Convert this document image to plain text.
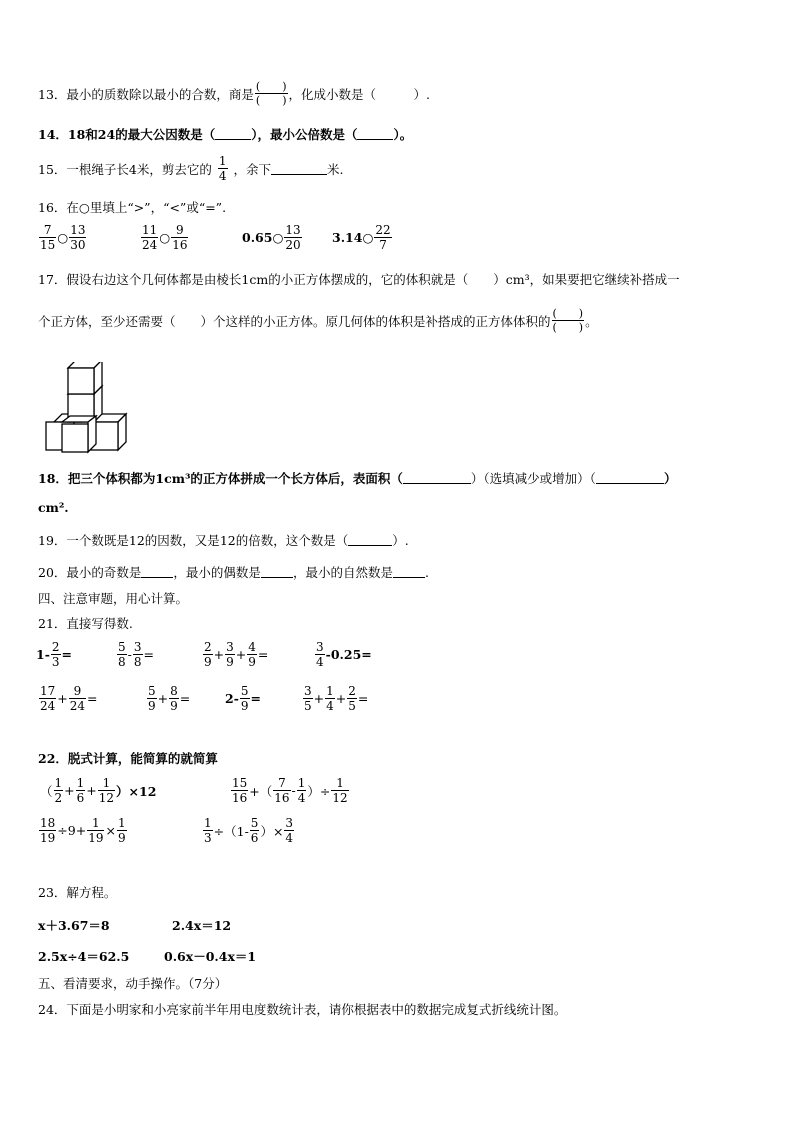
13． 最小的质数除以最小的合数，商是 (　　)
(　　) ，化成小数是（　　　）.
14． 18和24的最大公因数是（	），最小公倍数是（	）。
15． 一根绳子长4米，剪去它的
1
4 ，余下	米.
16．在○里填上“>”，“<”或“=”.
7
15 ○ 13
30
11
24 ○ 9
16	0.65 ○ 13
20	3.14 ○ 22
7
17．假设右边这个几何体都是由棱长1cm的小正方体摆成的，它的体积就是（　　）cm³，如果要把它继续补搭成一
个正方体，至少还需要（　　）个这样的小正方体。原几何体的体积是补搭成的正方体体积的 (　　)
(　　) 。
18． 把三个体积都为1cm³的正方体拼成一个长方体后，表面积（	）（选填减少或增加）（	）
cm².
19． 一个数既是12的因数，又是12的倍数，这个数是（	）.
20． 最小的奇数是	，最小的偶数是	，最小的自然数是	.
四、注意审题，用心计算。
21．直接写得数.
$1- \frac{2}{3}$ =	5
$8 - \frac{3}{8}$ =	2
$9 + \frac{3}{9} + \frac{4}{9}$ =	3
4 -0.25=
17
$24 + \frac{9}{24}$ =	5
$9 + \frac{8}{9}$ =	$2- \frac{5}{9}$ =	3
$5 + \frac{1}{4} + \frac{2}{5}$ =
22．脱式计算，能简算的就简算
（
1
$2 + \frac{1}{6} + \frac{1}{12} )\times 12$
15
16 +（
7
16 - 1
4 ）÷ $\frac{1}{12}$
$\frac{18}{19} \div 9+ \frac{1}{19} \times \frac{1}{9}$	$\frac{1}{3} \div(1-$
5
6 ）× $\frac{3}{4}$
23．解方程。
x＋3.67＝8	2.4x＝12
2.5x÷4＝62.5	0.6x－0.4x＝1
五、看清要求，动手操作。（7分）
24．下面是小明家和小亮家前半年用电度数统计表，请你根据表中的数据完成复式折线统计图。
